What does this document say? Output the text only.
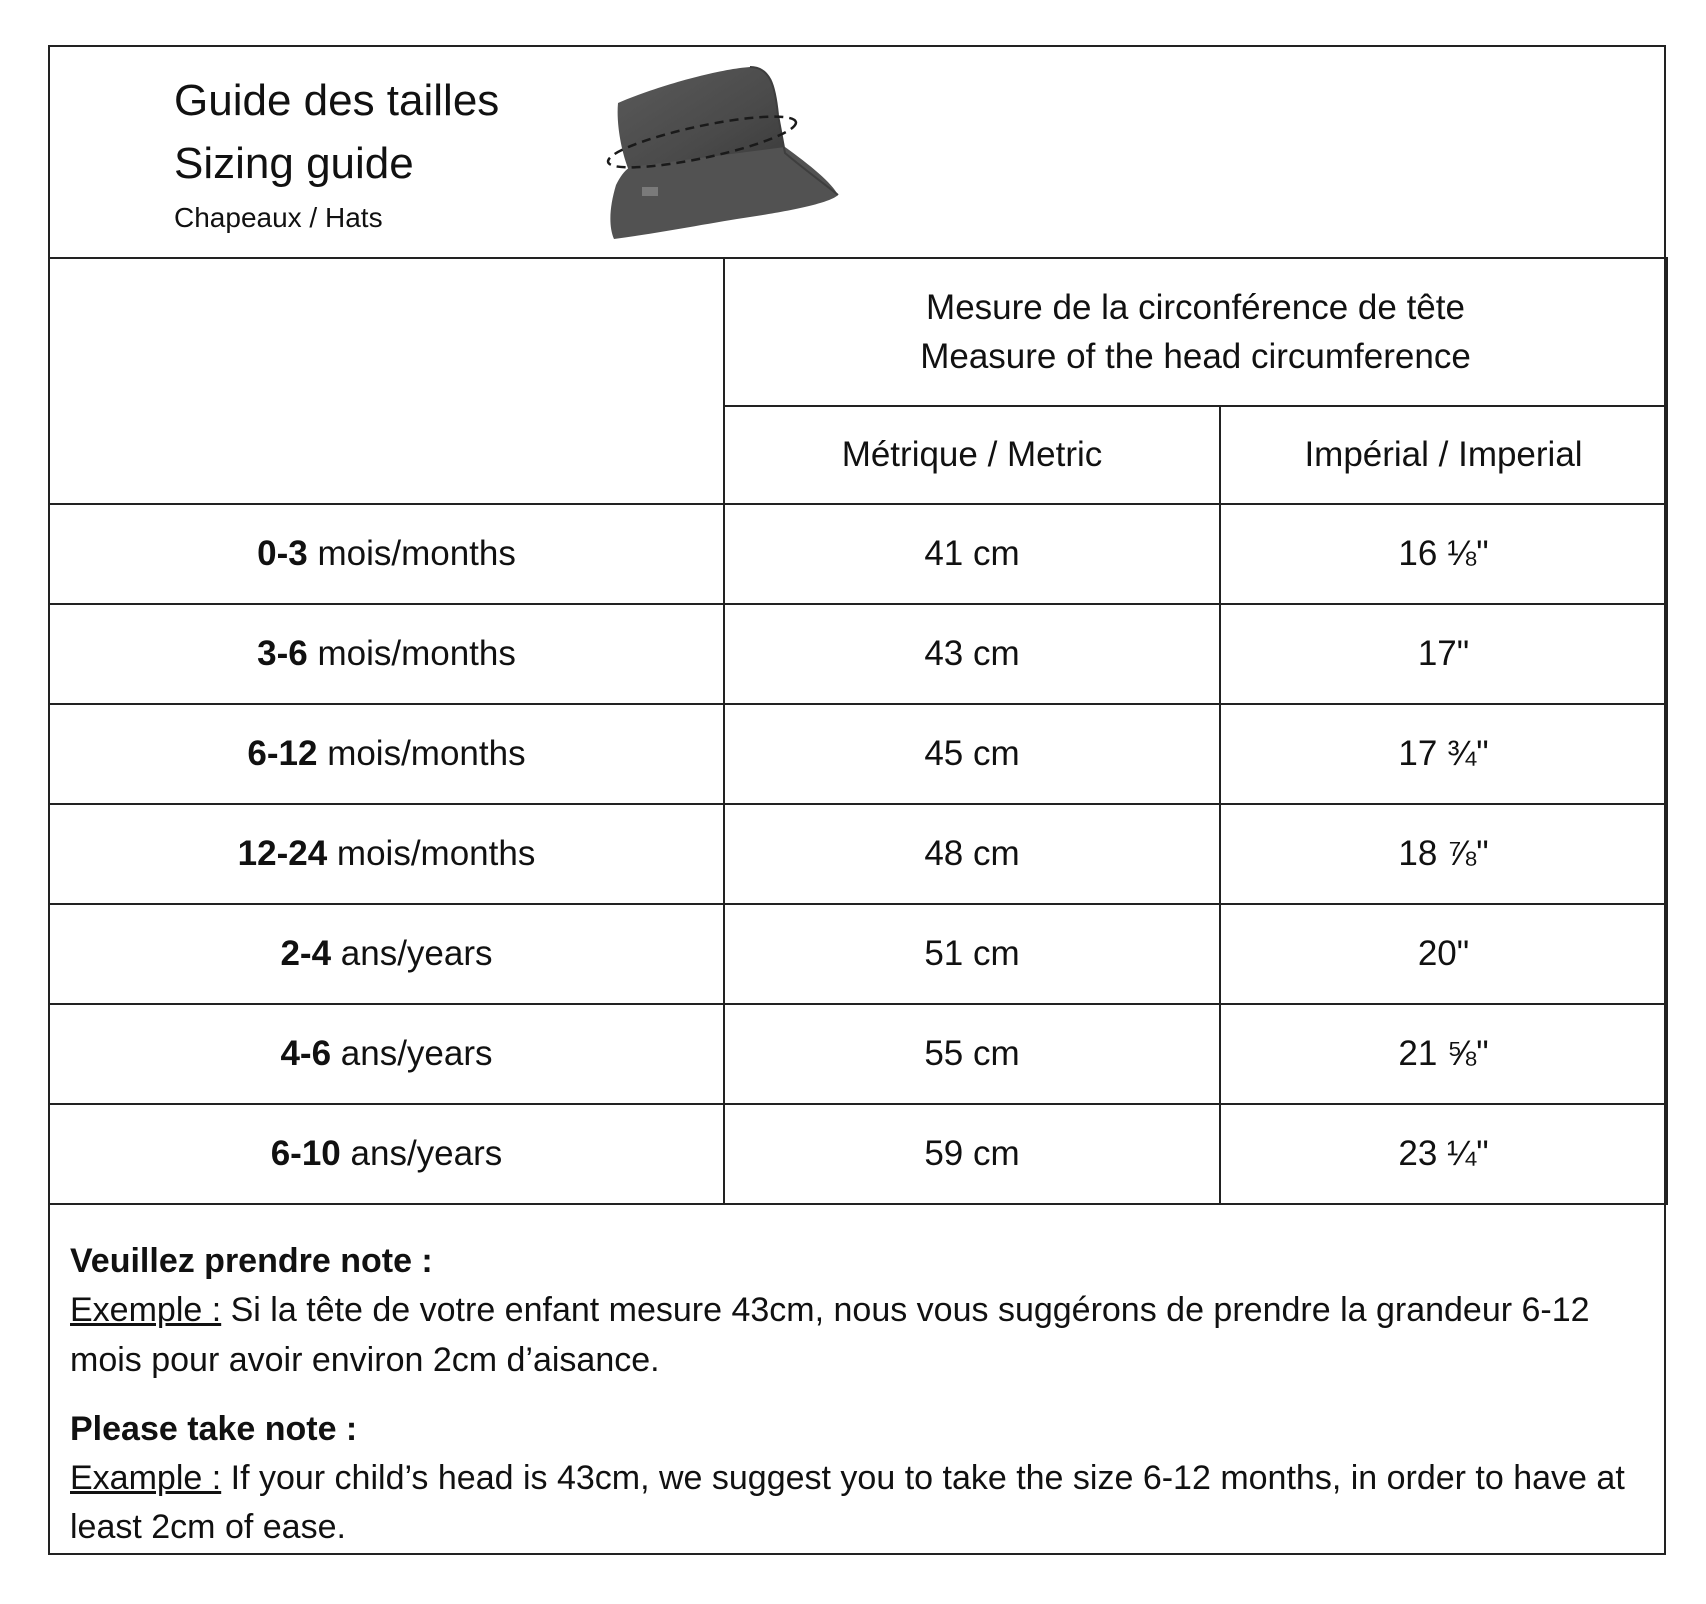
Guide des tailles
Sizing guide
Chapeaux / Hats

	Mesure de la circonférence de tête
Measure of the head circumference	

	Métrique / Metric	Impérial / Imperial
0-3 mois/months	41 cm	16 ⅛"
3-6 mois/months	43 cm	17"
6-12 mois/months	45 cm	17 ¾"
12-24 mois/months	48 cm	18 ⅞"
2-4 ans/years	51 cm	20"
4-6 ans/years	55 cm	21 ⅝"
6-10 ans/years	59 cm	23 ¼"
Veuillez prendre note :
Exemple : Si la tête de votre enfant mesure 43cm, nous vous suggérons de prendre la grandeur 6-12 mois pour avoir environ 2cm d’aisance.
Please take note :
Example : If your child’s head is 43cm, we suggest you to take the size 6-12 months, in order to have at least 2cm of ease.
